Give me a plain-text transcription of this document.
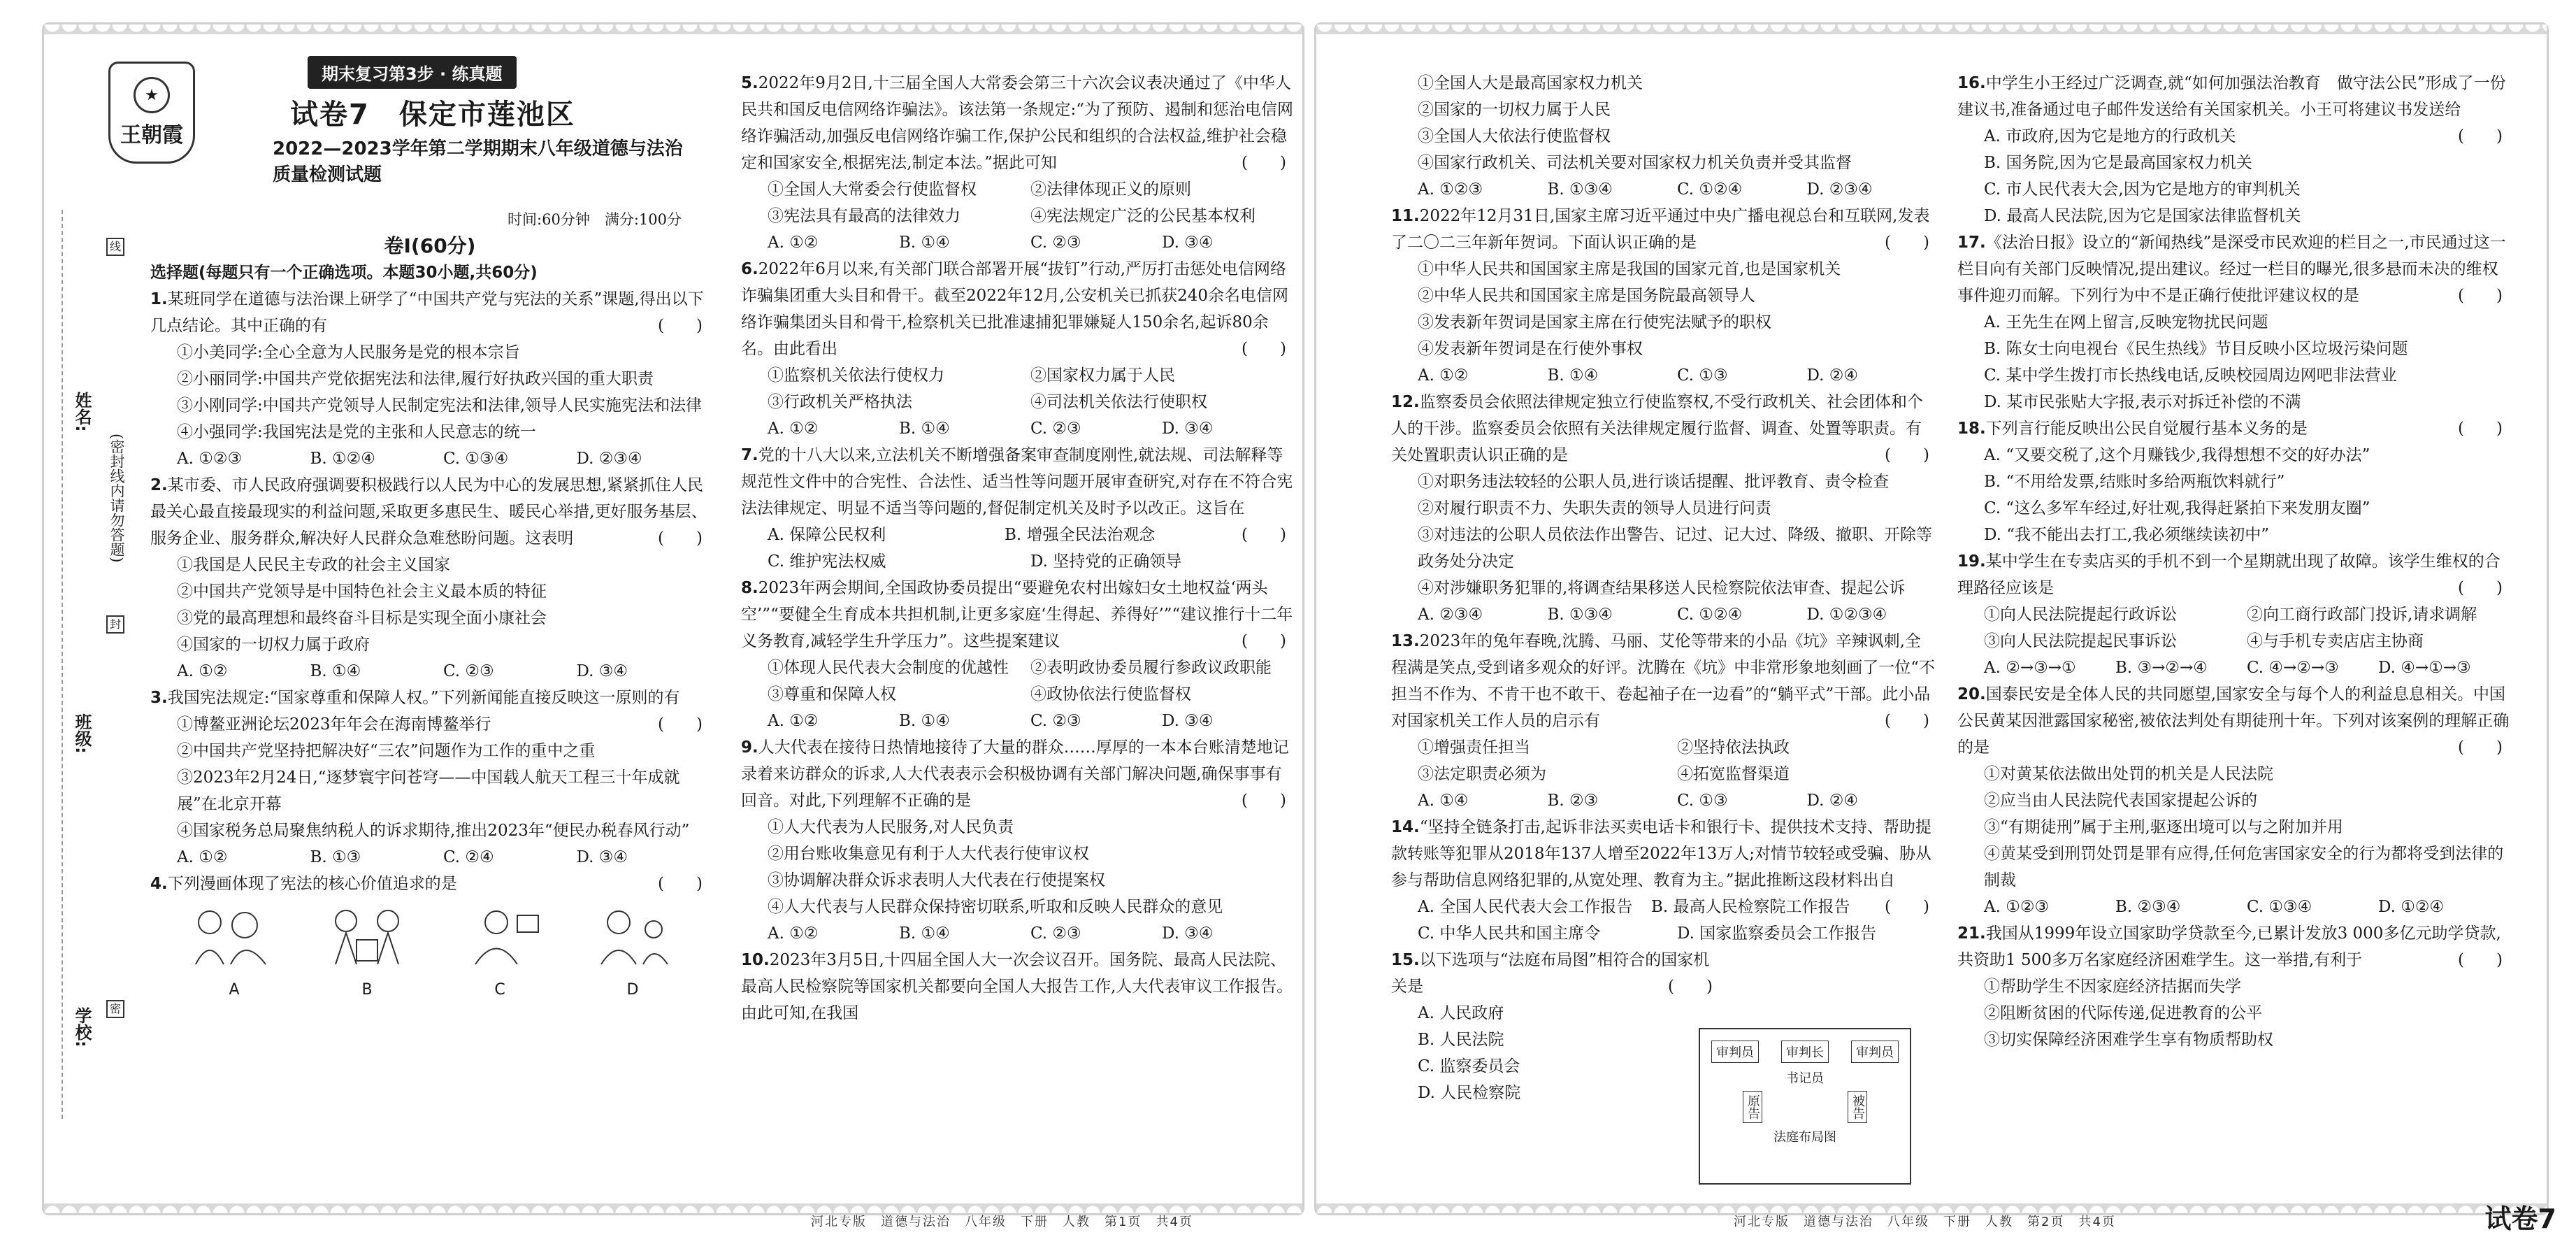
★
王朝霞
期末复习第3步 · 练真题
试卷7　保定市莲池区
2022—2023学年第二学期期末八年级道德与法治质量检测试题
姓名:
班级:
学校:
线
封
密
(密封线内请勿答题)

时间:60分钟　满分:100分

卷Ⅰ(60分)

选择题(每题只有一个正确选项。本题30小题,共60分)

1.某班同学在道德与法治课上研学了“中国共产党与宪法的关系”课题,得出以下几点结论。其中正确的有	(　　)

①小美同学:全心全意为人民服务是党的根本宗旨

②小丽同学:中国共产党依据宪法和法律,履行好执政兴国的重大职责

③小刚同学:中国共产党领导人民制定宪法和法律,领导人民实施宪法和法律

④小强同学:我国宪法是党的主张和人民意志的统一

A. ①②③	B. ①②④	C. ①③④	D. ②③④

2.某市委、市人民政府强调要积极践行以人民为中心的发展思想,紧紧抓住人民最关心最直接最现实的利益问题,采取更多惠民生、暖民心举措,更好服务基层、服务企业、服务群众,解决好人民群众急难愁盼问题。这表明	(　　)

①我国是人民民主专政的社会主义国家

②中国共产党领导是中国特色社会主义最本质的特征

③党的最高理想和最终奋斗目标是实现全面小康社会

④国家的一切权力属于政府

A. ①②	B. ①④	C. ②③	D. ③④

3.我国宪法规定:“国家尊重和保障人权。”下列新闻能直接反映这一原则的有
(　　)

①博鳌亚洲论坛2023年年会在海南博鳌举行

②中国共产党坚持把解决好“三农”问题作为工作的重中之重

③2023年2月24日,“逐梦寰宇问苍穹——中国载人航天工程三十年成就展”在北京开幕

④国家税务总局聚焦纳税人的诉求期待,推出2023年“便民办税春风行动”

A. ①②	B. ①③	C. ②④	D. ③④

4.下列漫画体现了宪法的核心价值追求的是	(　　)

A	B	C	D

5.2022年9月2日,十三届全国人大常委会第三十六次会议表决通过了《中华人民共和国反电信网络诈骗法》。该法第一条规定:“为了预防、遏制和惩治电信网络诈骗活动,加强反电信网络诈骗工作,保护公民和组织的合法权益,维护社会稳定和国家安全,根据宪法,制定本法。”据此可知	(　　)

①全国人大常委会行使监督权	②法律体现正义的原则
③宪法具有最高的法律效力	④宪法规定广泛的公民基本权利
A. ①②	B. ①④	C. ②③	D. ③④

6.2022年6月以来,有关部门联合部署开展“拔钉”行动,严厉打击惩处电信网络诈骗集团重大头目和骨干。截至2022年12月,公安机关已抓获240余名电信网络诈骗集团头目和骨干,检察机关已批准逮捕犯罪嫌疑人150余名,起诉80余名。由此看出	(　　)

①监察机关依法行使权力	②国家权力属于人民
③行政机关严格执法	④司法机关依法行使职权
A. ①②	B. ①④	C. ②③	D. ③④

7.党的十八大以来,立法机关不断增强备案审查制度刚性,就法规、司法解释等规范性文件中的合宪性、合法性、适当性等问题开展审查研究,对存在不符合宪法法律规定、明显不适当等问题的,督促制定机关及时予以改正。这旨在
(　　)

A. 保障公民权利	B. 增强全民法治观念
C. 维护宪法权威	D. 坚持党的正确领导

8.2023年两会期间,全国政协委员提出“要避免农村出嫁妇女土地权益‘两头空’”“要健全生育成本共担机制,让更多家庭‘生得起、养得好’”“建议推行十二年义务教育,减轻学生升学压力”。这些提案建议	(　　)

①体现人民代表大会制度的优越性	②表明政协委员履行参政议政职能
③尊重和保障人权	④政协依法行使监督权
A. ①②	B. ①④	C. ②③	D. ③④

9.人大代表在接待日热情地接待了大量的群众……厚厚的一本本台账清楚地记录着来访群众的诉求,人大代表表示会积极协调有关部门解决问题,确保事事有回音。对此,下列理解不正确的是	(　　)

①人大代表为人民服务,对人民负责

②用台账收集意见有利于人大代表行使审议权

③协调解决群众诉求表明人大代表在行使提案权

④人大代表与人民群众保持密切联系,听取和反映人民群众的意见

A. ①②	B. ①④	C. ②③	D. ③④

10.2023年3月5日,十四届全国人大一次会议召开。国务院、最高人民法院、最高人民检察院等国家机关都要向全国人大报告工作,人大代表审议工作报告。由此可知,在我国

①全国人大是最高国家权力机关

②国家的一切权力属于人民

③全国人大依法行使监督权

④国家行政机关、司法机关要对国家权力机关负责并受其监督

A. ①②③	B. ①③④	C. ①②④	D. ②③④

11.2022年12月31日,国家主席习近平通过中央广播电视总台和互联网,发表了二〇二三年新年贺词。下面认识正确的是	(　　)

①中华人民共和国国家主席是我国的国家元首,也是国家机关

②中华人民共和国国家主席是国务院最高领导人

③发表新年贺词是国家主席在行使宪法赋予的职权

④发表新年贺词是在行使外事权

A. ①②	B. ①④	C. ①③	D. ②④

12.监察委员会依照法律规定独立行使监察权,不受行政机关、社会团体和个人的干涉。监察委员会依照有关法律规定履行监督、调查、处置等职责。有关处置职责认识正确的是	(　　)

①对职务违法较轻的公职人员,进行谈话提醒、批评教育、责令检查

②对履行职责不力、失职失责的领导人员进行问责

③对违法的公职人员依法作出警告、记过、记大过、降级、撤职、开除等政务处分决定

④对涉嫌职务犯罪的,将调查结果移送人民检察院依法审查、提起公诉

A. ②③④	B. ①③④	C. ①②④	D. ①②③④

13.2023年的兔年春晚,沈腾、马丽、艾伦等带来的小品《坑》辛辣讽刺,全程满是笑点,受到诸多观众的好评。沈腾在《坑》中非常形象地刻画了一位“不担当不作为、不肯干也不敢干、卷起袖子在一边看”的“躺平式”干部。此小品对国家机关工作人员的启示有	(　　)

①增强责任担当	②坚持依法执政
③法定职责必须为	④拓宽监督渠道
A. ①④	B. ②③	C. ①③	D. ②④

14.“坚持全链条打击,起诉非法买卖电话卡和银行卡、提供技术支持、帮助提款转账等犯罪从2018年137人增至2022年13万人;对情节较轻或受骗、胁从参与帮助信息网络犯罪的,从宽处理、教育为主。”据此推断这段材料出自
(　　)

A. 全国人民代表大会工作报告	B. 最高人民检察院工作报告
C. 中华人民共和国主席令	D. 国家监察委员会工作报告

15.以下选项与“法庭布局图”相符合的国家机关是	(　　)

A. 人民政府

B. 人民法院

C. 监察委员会

D. 人民检察院

审判员	审判长	审判员
书记员
原告	被告
法庭布局图

16.中学生小王经过广泛调查,就“如何加强法治教育　做守法公民”形成了一份建议书,准备通过电子邮件发送给有关国家机关。小王可将建议书发送给
(　　)

A. 市政府,因为它是地方的行政机关

B. 国务院,因为它是最高国家权力机关

C. 市人民代表大会,因为它是地方的审判机关

D. 最高人民法院,因为它是国家法律监督机关

17.《法治日报》设立的“新闻热线”是深受市民欢迎的栏目之一,市民通过这一栏目向有关部门反映情况,提出建议。经过一栏目的曝光,很多悬而未决的维权事件迎刃而解。下列行为中不是正确行使批评建议权的是	(　　)

A. 王先生在网上留言,反映宠物扰民问题

B. 陈女士向电视台《民生热线》节目反映小区垃圾污染问题

C. 某中学生拨打市长热线电话,反映校园周边网吧非法营业

D. 某市民张贴大字报,表示对拆迁补偿的不满

18.下列言行能反映出公民自觉履行基本义务的是	(　　)

A. “又要交税了,这个月赚钱少,我得想想不交的好办法”

B. “不用给发票,结账时多给两瓶饮料就行”

C. “这么多军车经过,好壮观,我得赶紧拍下来发朋友圈”

D. “我不能出去打工,我必须继续读初中”

19.某中学生在专卖店买的手机不到一个星期就出现了故障。该学生维权的合理路径应该是	(　　)

①向人民法院提起行政诉讼	②向工商行政部门投诉,请求调解
③向人民法院提起民事诉讼	④与手机专卖店店主协商
A. ②→③→①	B. ③→②→④	C. ④→②→③	D. ④→①→③

20.国泰民安是全体人民的共同愿望,国家安全与每个人的利益息息相关。中国公民黄某因泄露国家秘密,被依法判处有期徒刑十年。下列对该案例的理解正确的是	(　　)

①对黄某依法做出处罚的机关是人民法院

②应当由人民法院代表国家提起公诉的

③“有期徒刑”属于主刑,驱逐出境可以与之附加并用

④黄某受到刑罚处罚是罪有应得,任何危害国家安全的行为都将受到法律的制裁

A. ①②③	B. ②③④	C. ①③④	D. ①②④

21.我国从1999年设立国家助学贷款至今,已累计发放3 000多亿元助学贷款,共资助1 500多万名家庭经济困难学生。这一举措,有利于	(　　)

①帮助学生不因家庭经济拮据而失学

②阻断贫困的代际传递,促进教育的公平

③切实保障经济困难学生享有物质帮助权

河北专版　道德与法治　八年级　下册　人教　第1页　共4页	河北专版　道德与法治　八年级　下册　人教　第2页　共4页	试卷7
